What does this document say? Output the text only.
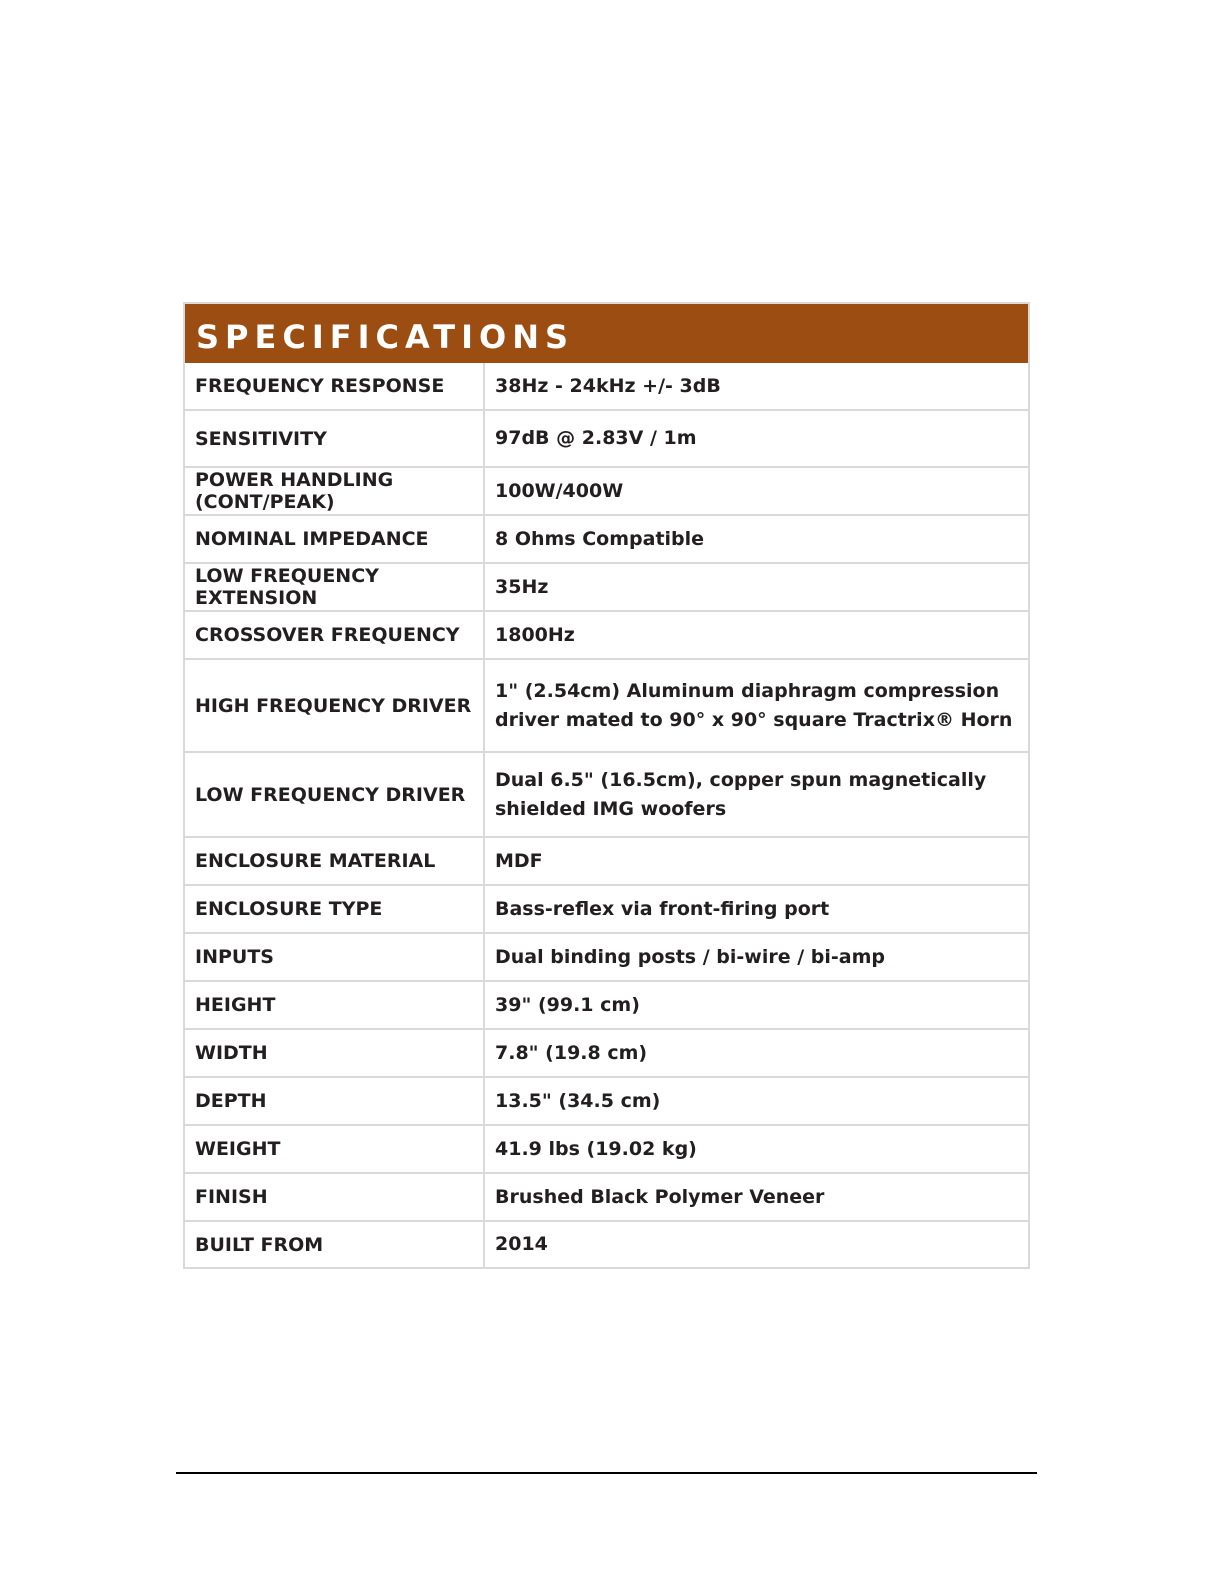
SPECIFICATIONS
FREQUENCY RESPONSE	38Hz - 24kHz +/- 3dB
SENSITIVITY	97dB @ 2.83V / 1m
POWER HANDLING (CONT/PEAK)	100W/400W
NOMINAL IMPEDANCE	8 Ohms Compatible
LOW FREQUENCY EXTENSION	35Hz
CROSSOVER FREQUENCY	1800Hz
HIGH FREQUENCY DRIVER	1" (2.54cm) Aluminum diaphragm compression driver mated to 90° x 90° square Tractrix® Horn
LOW FREQUENCY DRIVER	Dual 6.5" (16.5cm), copper spun magnetically shielded IMG woofers
ENCLOSURE MATERIAL	MDF
ENCLOSURE TYPE	Bass-reflex via front-firing port
INPUTS	Dual binding posts / bi-wire / bi-amp
HEIGHT	39" (99.1 cm)
WIDTH	7.8" (19.8 cm)
DEPTH	13.5" (34.5 cm)
WEIGHT	41.9 lbs (19.02 kg)
FINISH	Brushed Black Polymer Veneer
BUILT FROM	2014
